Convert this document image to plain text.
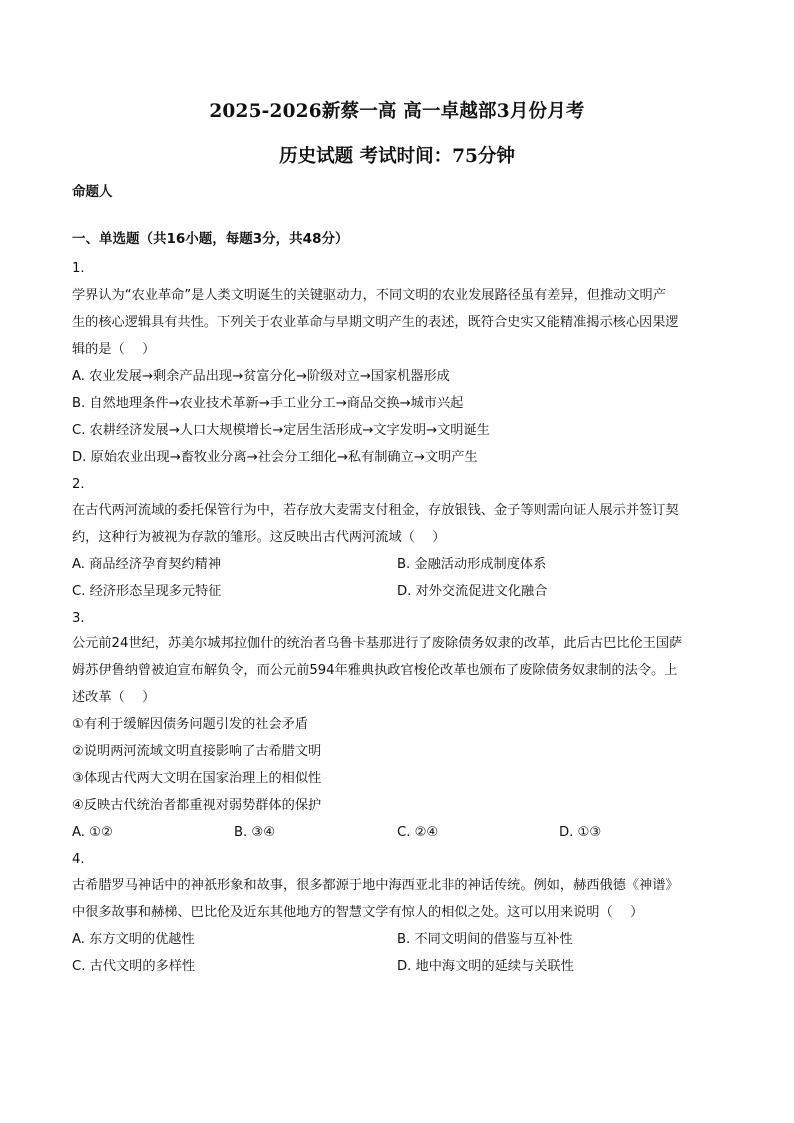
2025-2026新蔡一高 高一卓越部3月份月考
历史试题 考试时间：75分钟
命题人
一、单选题（共16小题，每题3分，共48分）
1.
学界认为“农业革命”是人类文明诞生的关键驱动力，不同文明的农业发展路径虽有差异，但推动文明产
生的核心逻辑具有共性。下列关于农业革命与早期文明产生的表述，既符合史实又能精准揭示核心因果逻
辑的是（　 ）
A. 农业发展→剩余产品出现→贫富分化→阶级对立→国家机器形成
B. 自然地理条件→农业技术革新→手工业分工→商品交换→城市兴起
C. 农耕经济发展→人口大规模增长→定居生活形成→文字发明→文明诞生
D. 原始农业出现→畜牧业分离→社会分工细化→私有制确立→文明产生
2.
在古代两河流域的委托保管行为中，若存放大麦需支付租金，存放银钱、金子等则需向证人展示并签订契
约，这种行为被视为存款的雏形。这反映出古代两河流域（　 ）
A. 商品经济孕育契约精神	B. 金融活动形成制度体系
C. 经济形态呈现多元特征	D. 对外交流促进文化融合
3.
公元前24世纪，苏美尔城邦拉伽什的统治者乌鲁卡基那进行了废除债务奴隶的改革，此后古巴比伦王国萨
姆苏伊鲁纳曾被迫宣布解负令，而公元前594年雅典执政官梭伦改革也颁布了废除债务奴隶制的法令。上
述改革（　 ）
①有利于缓解因债务问题引发的社会矛盾
②说明两河流域文明直接影响了古希腊文明
③体现古代两大文明在国家治理上的相似性
④反映古代统治者都重视对弱势群体的保护
A. ①②	B. ③④	C. ②④	D. ①③
4.
古希腊罗马神话中的神祇形象和故事，很多都源于地中海西亚北非的神话传统。例如，赫西俄德《神谱》
中很多故事和赫梯、巴比伦及近东其他地方的智慧文学有惊人的相似之处。这可以用来说明（　 ）
A. 东方文明的优越性	B. 不同文明间的借鉴与互补性
C. 古代文明的多样性	D. 地中海文明的延续与关联性
